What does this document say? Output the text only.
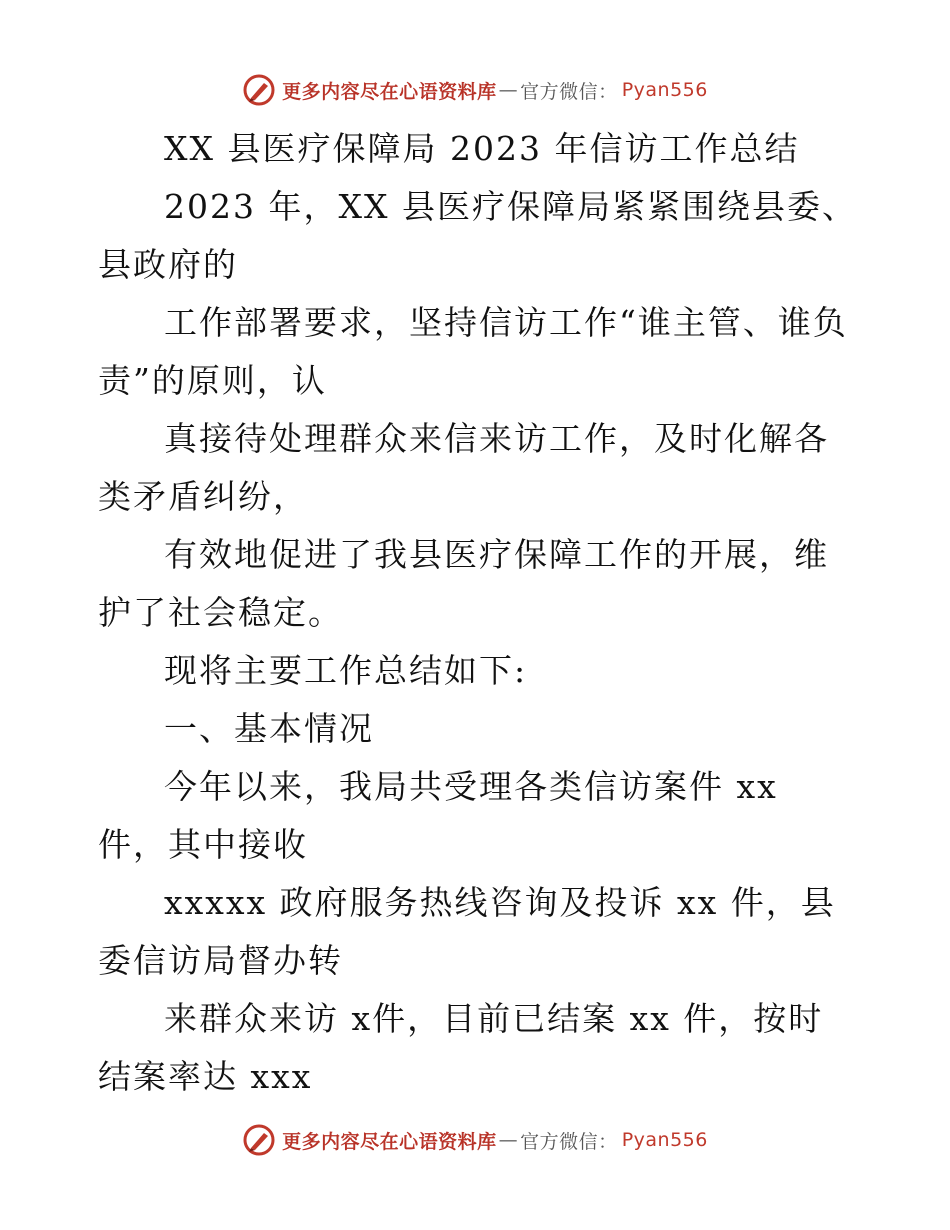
更多内容尽在心语资料库 — 官方微信： Pyan556

XX 县医疗保障局 2023 年信访工作总结

2023 年，XX 县医疗保障局紧紧围绕县委、县政府的

工作部署要求，坚持信访工作“谁主管、谁负责”的原则，认

真接待处理群众来信来访工作，及时化解各类矛盾纠纷，

有效地促进了我县医疗保障工作的开展，维护了社会稳定。

现将主要工作总结如下:

一、基本情况

今年以来，我局共受理各类信访案件 xx 件，其中接收

xxxxx 政府服务热线咨询及投诉 xx 件，县委信访局督办转

来群众来访 x件，目前已结案 xx 件，按时结案率达 xxx

更多内容尽在心语资料库 — 官方微信： Pyan556
